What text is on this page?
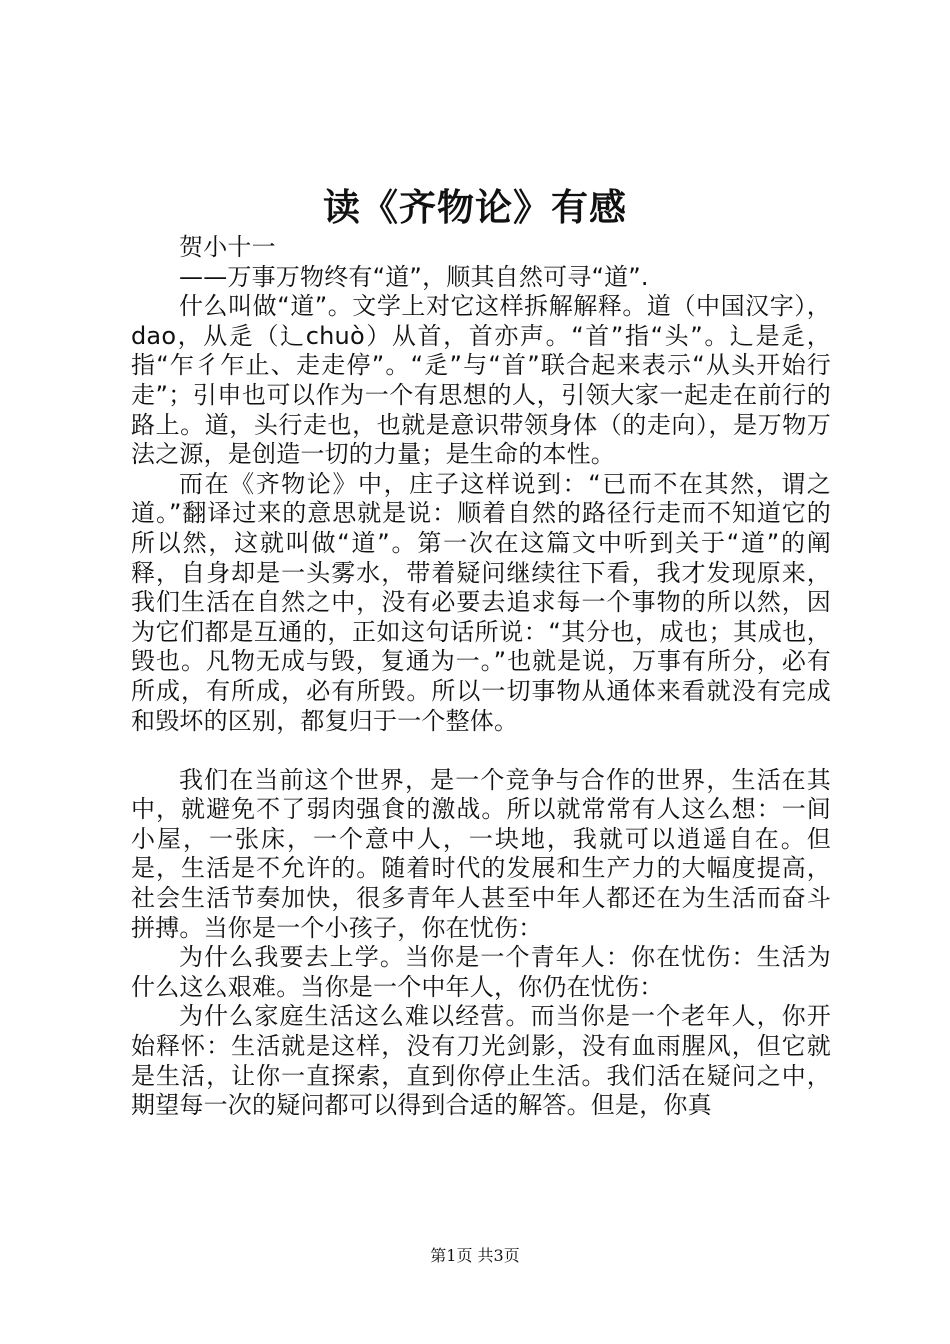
读《齐物论》有感

贺小十一

——万事万物终有“道”，顺其自然可寻“道”.

什么叫做“道”。文学上对它这样拆解解释。道（中国汉字），dao，从辵（辶chuò）从首，首亦声。“首”指“头”。辶是辵，指“乍彳乍止、走走停”。“辵”与“首”联合起来表示“从头开始行走”；引申也可以作为一个有思想的人，引领大家一起走在前行的路上。道，头行走也，也就是意识带领身体（的走向），是万物万法之源，是创造一切的力量；是生命的本性。

而在《齐物论》中，庄子这样说到：“已而不在其然，谓之道。”翻译过来的意思就是说：顺着自然的路径行走而不知道它的所以然，这就叫做“道”。第一次在这篇文中听到关于“道”的阐释，自身却是一头雾水，带着疑问继续往下看，我才发现原来，我们生活在自然之中，没有必要去追求每一个事物的所以然，因为它们都是互通的，正如这句话所说：“其分也，成也；其成也，毁也。凡物无成与毁，复通为一。”也就是说，万事有所分，必有所成，有所成，必有所毁。所以一切事物从通体来看就没有完成和毁坏的区别，都复归于一个整体。

我们在当前这个世界，是一个竞争与合作的世界，生活在其中，就避免不了弱肉强食的激战。所以就常常有人这么想：一间小屋，一张床，一个意中人，一块地，我就可以逍遥自在。但是，生活是不允许的。随着时代的发展和生产力的大幅度提高，社会生活节奏加快，很多青年人甚至中年人都还在为生活而奋斗拼搏。当你是一个小孩子，你在忧伤：

为什么我要去上学。当你是一个青年人：你在忧伤：生活为什么这么艰难。当你是一个中年人，你仍在忧伤：

为什么家庭生活这么难以经营。而当你是一个老年人，你开始释怀：生活就是这样，没有刀光剑影，没有血雨腥风，但它就是生活，让你一直探索，直到你停止生活。我们活在疑问之中，期望每一次的疑问都可以得到合适的解答。但是，你真

第1页 共3页
